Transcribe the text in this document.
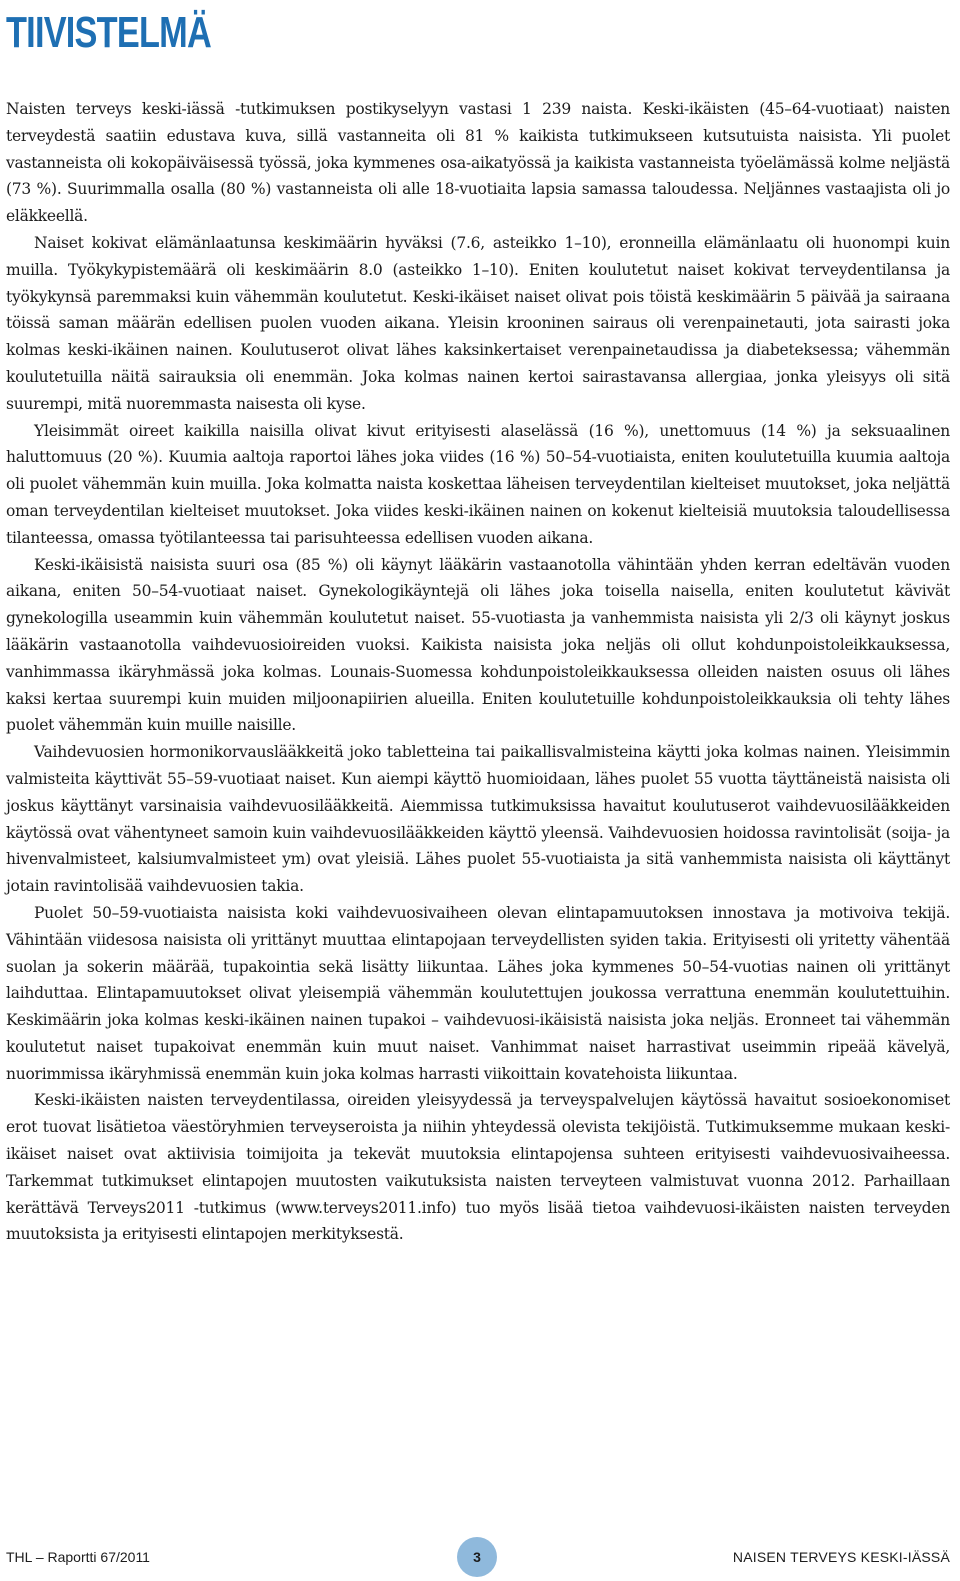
TIIVISTELMÄ

Naisten terveys keski-iässä -tutkimuksen postikyselyyn vastasi 1 239 naista. Keski-ikäisten (45–64-vuotiaat) naisten terveydestä saatiin edustava kuva, sillä vastanneita oli 81 % kaikista tutkimukseen kutsutuista naisista. Yli puolet vastanneista oli kokopäiväisessä työssä, joka kymmenes osa-aikatyössä ja kaikista vastanneista työelämässä kolme neljästä (73 %). Suurimmalla osalla (80 %) vastanneista oli alle 18-vuotiaita lapsia samassa taloudessa. Neljännes vastaajista oli jo eläkkeellä.

Naiset kokivat elämänlaatunsa keskimäärin hyväksi (7.6, asteikko 1–10), eronneilla elämänlaatu oli huonompi kuin muilla. Työkykypistemäärä oli keskimäärin 8.0 (asteikko 1–10). Eniten koulutetut naiset kokivat terveydentilansa ja työkykynsä paremmaksi kuin vähemmän koulutetut. Keski-ikäiset naiset olivat pois töistä keskimäärin 5 päivää ja sairaana töissä saman määrän edellisen puolen vuoden aikana. Yleisin krooninen sairaus oli verenpainetauti, jota sairasti joka kolmas keski-ikäinen nainen. Koulutuserot olivat lähes kaksinkertaiset verenpainetaudissa ja diabeteksessa; vähemmän koulutetuilla näitä sairauksia oli enemmän. Joka kolmas nainen kertoi sairastavansa allergiaa, jonka yleisyys oli sitä suurempi, mitä nuoremmasta naisesta oli kyse.

Yleisimmät oireet kaikilla naisilla olivat kivut erityisesti alaselässä (16 %), unettomuus (14 %) ja seksuaalinen haluttomuus (20 %). Kuumia aaltoja raportoi lähes joka viides (16 %) 50–54-vuotiaista, eniten koulutetuilla kuumia aaltoja oli puolet vähemmän kuin muilla. Joka kolmatta naista koskettaa läheisen terveydentilan kielteiset muutokset, joka neljättä oman terveydentilan kielteiset muutokset. Joka viides keski-ikäinen nainen on kokenut kielteisiä muutoksia taloudellisessa tilanteessa, omassa työtilanteessa tai parisuhteessa edellisen vuoden aikana.

Keski-ikäisistä naisista suuri osa (85 %) oli käynyt lääkärin vastaanotolla vähintään yhden kerran edeltävän vuoden aikana, eniten 50–54-vuotiaat naiset. Gynekologikäyntejä oli lähes joka toisella naisella, eniten koulutetut kävivät gynekologilla useammin kuin vähemmän koulutetut naiset. 55-vuotiasta ja vanhemmista naisista yli 2/3 oli käynyt joskus lääkärin vastaanotolla vaihdevuosioireiden vuoksi. Kaikista naisista joka neljäs oli ollut kohdunpoistoleikkauksessa, vanhimmassa ikäryhmässä joka kolmas. Lounais-Suomessa kohdunpoistoleikkauksessa olleiden naisten osuus oli lähes kaksi kertaa suurempi kuin muiden miljoonapiirien alueilla. Eniten koulutetuille kohdunpoistoleikkauksia oli tehty lähes puolet vähemmän kuin muille naisille.

Vaihdevuosien hormonikorvauslääkkeitä joko tabletteina tai paikallisvalmisteina käytti joka kolmas nainen. Yleisimmin valmisteita käyttivät 55–59-vuotiaat naiset. Kun aiempi käyttö huomioidaan, lähes puolet 55 vuotta täyttäneistä naisista oli joskus käyttänyt varsinaisia vaihdevuosilääkkeitä. Aiemmissa tutkimuksissa havaitut koulutuserot vaihdevuosilääkkeiden käytössä ovat vähentyneet samoin kuin vaihdevuosilääkkeiden käyttö yleensä. Vaihdevuosien hoidossa ravintolisät (soija- ja hivenvalmisteet, kalsiumvalmisteet ym) ovat yleisiä. Lähes puolet 55-vuotiaista ja sitä vanhemmista naisista oli käyttänyt jotain ravintolisää vaihdevuosien takia.

Puolet 50–59-vuotiaista naisista koki vaihdevuosivaiheen olevan elintapamuutoksen innostava ja motivoiva tekijä. Vähintään viidesosa naisista oli yrittänyt muuttaa elintapojaan terveydellisten syiden takia. Erityisesti oli yritetty vähentää suolan ja sokerin määrää, tupakointia sekä lisätty liikuntaa. Lähes joka kymmenes 50–54-vuotias nainen oli yrittänyt laihduttaa. Elintapamuutokset olivat yleisempiä vähemmän koulutettujen joukossa verrattuna enemmän koulutettuihin. Keskimäärin joka kolmas keski-ikäinen nainen tupakoi – vaihdevuosi-ikäisistä naisista joka neljäs. Eronneet tai vähemmän koulutetut naiset tupakoivat enemmän kuin muut naiset. Vanhimmat naiset harrastivat useimmin ripeää kävelyä, nuorimmissa ikäryhmissä enemmän kuin joka kolmas harrasti viikoittain kovatehoista liikuntaa.

Keski-ikäisten naisten terveydentilassa, oireiden yleisyydessä ja terveyspalvelujen käytössä havaitut sosioekonomiset erot tuovat lisätietoa väestöryhmien terveyseroista ja niihin yhteydessä olevista tekijöistä. Tutkimuksemme mukaan keski-ikäiset naiset ovat aktiivisia toimijoita ja tekevät muutoksia elintapojensa suhteen erityisesti vaihdevuosivaiheessa. Tarkemmat tutkimukset elintapojen muutosten vaikutuksista naisten terveyteen valmistuvat vuonna 2012. Parhaillaan kerättävä Terveys2011 -tutkimus (www.terveys2011.info) tuo myös lisää tietoa vaihdevuosi-ikäisten naisten terveyden muutoksista ja erityisesti elintapojen merkityksestä.

THL – Raportti 67/2011	3	NAISEN TERVEYS KESKI-IÄSSÄ
